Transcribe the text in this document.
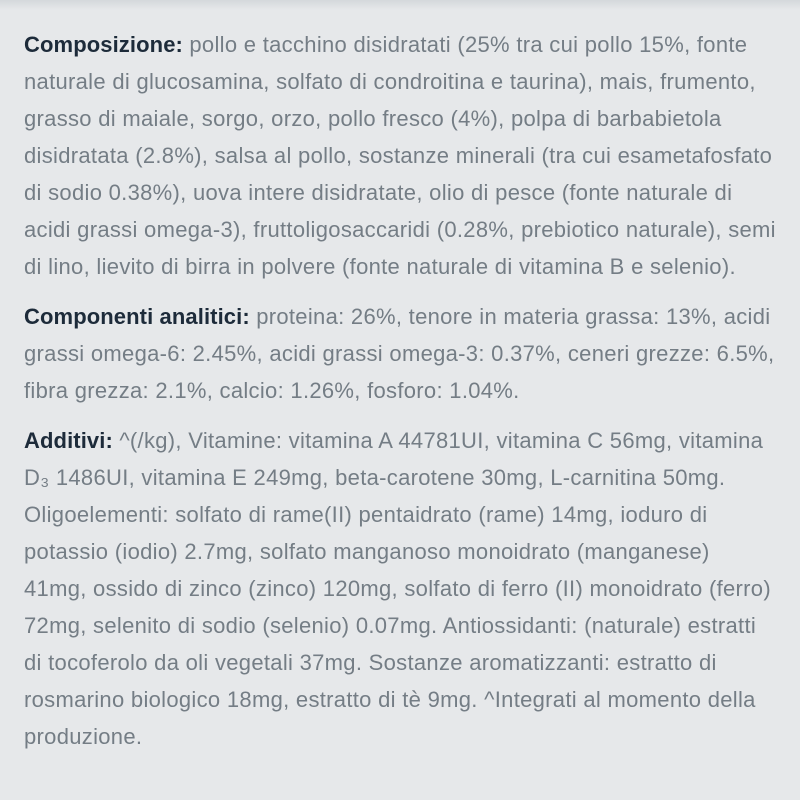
Composizione: pollo e tacchino disidratati (25% tra cui pollo 15%, fonte naturale di glucosamina, solfato di condroitina e taurina), mais, frumento, grasso di maiale, sorgo, orzo, pollo fresco (4%), polpa di barbabietola disidratata (2.8%), salsa al pollo, sostanze minerali (tra cui esametafosfato di sodio 0.38%), uova intere disidratate, olio di pesce (fonte naturale di acidi grassi omega-3), fruttoligosaccaridi (0.28%, prebiotico naturale), semi di lino, lievito di birra in polvere (fonte naturale di vitamina B e selenio).

Componenti analitici: proteina: 26%, tenore in materia grassa: 13%, acidi grassi omega-6: 2.45%, acidi grassi omega-3: 0.37%, ceneri grezze: 6.5%, fibra grezza: 2.1%, calcio: 1.26%, fosforo: 1.04%.

Additivi: ^(/kg), Vitamine: vitamina A 44781UI, vitamina C 56mg, vitamina D₃ 1486UI, vitamina E 249mg, beta-carotene 30mg, L-carnitina 50mg. Oligoelementi: solfato di rame(II) pentaidrato (rame) 14mg, ioduro di potassio (iodio) 2.7mg, solfato manganoso monoidrato (manganese) 41mg, ossido di zinco (zinco) 120mg, solfato di ferro (II) monoidrato (ferro) 72mg, selenito di sodio (selenio) 0.07mg. Antiossidanti: (naturale) estratti di tocoferolo da oli vegetali 37mg. Sostanze aromatizzanti: estratto di rosmarino biologico 18mg, estratto di tè 9mg. ^Integrati al momento della produzione.
